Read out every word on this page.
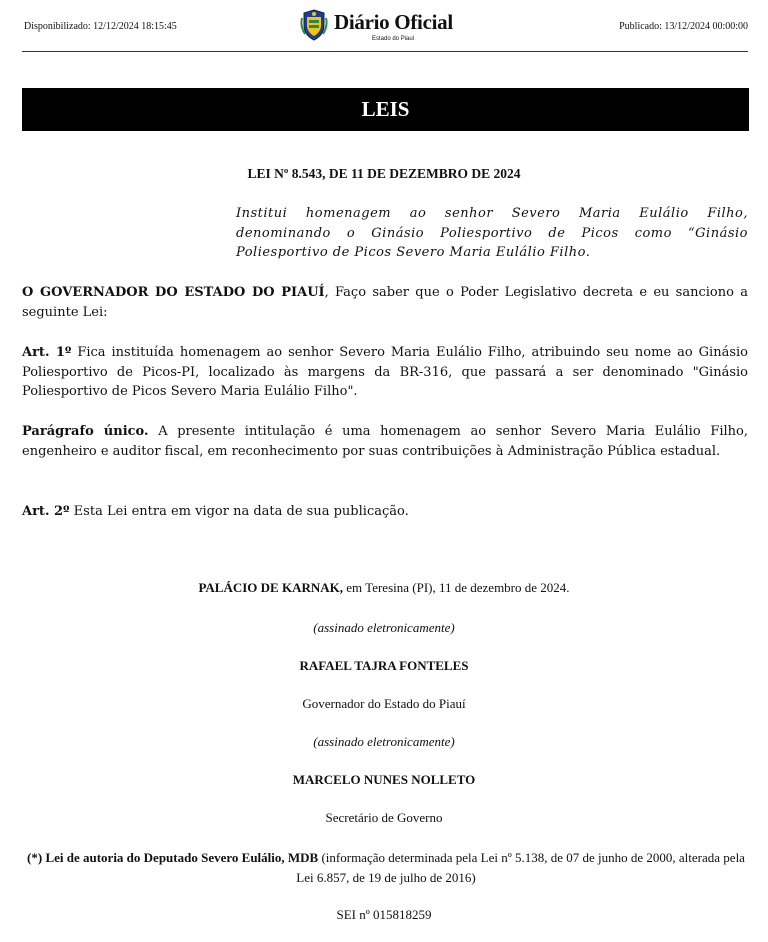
Disponibilizado: 12/12/2024 18:15:45	Diário Oficial
Estado do Piauí
Publicado: 13/12/2024 00:00:00
LEIS
LEI Nº 8.543, DE 11 DE DEZEMBRO DE 2024
Institui homenagem ao senhor Severo Maria Eulálio Filho, denominando o Ginásio Poliesportivo de Picos como “Ginásio Poliesportivo de Picos Severo Maria Eulálio Filho.
O GOVERNADOR DO ESTADO DO PIAUÍ, Faço saber que o Poder Legislativo decreta e eu sanciono a seguinte Lei:
Art. 1º Fica instituída homenagem ao senhor Severo Maria Eulálio Filho, atribuindo seu nome ao Ginásio Poliesportivo de Picos-PI, localizado às margens da BR-316, que passará a ser denominado "Ginásio Poliesportivo de Picos Severo Maria Eulálio Filho".
Parágrafo único. A presente intitulação é uma homenagem ao senhor Severo Maria Eulálio Filho, engenheiro e auditor fiscal, em reconhecimento por suas contribuições à Administração Pública estadual.
Art. 2º Esta Lei entra em vigor na data de sua publicação.
PALÁCIO DE KARNAK, em Teresina (PI), 11 de dezembro de 2024.
(assinado eletronicamente)
RAFAEL TAJRA FONTELES
Governador do Estado do Piauí
(assinado eletronicamente)
MARCELO NUNES NOLLETO
Secretário de Governo
(*) Lei de autoria do Deputado Severo Eulálio, MDB (informação determinada pela Lei nº 5.138, de 07 de junho de 2000, alterada pela Lei 6.857, de 19 de julho de 2016)
SEI nº 015818259
